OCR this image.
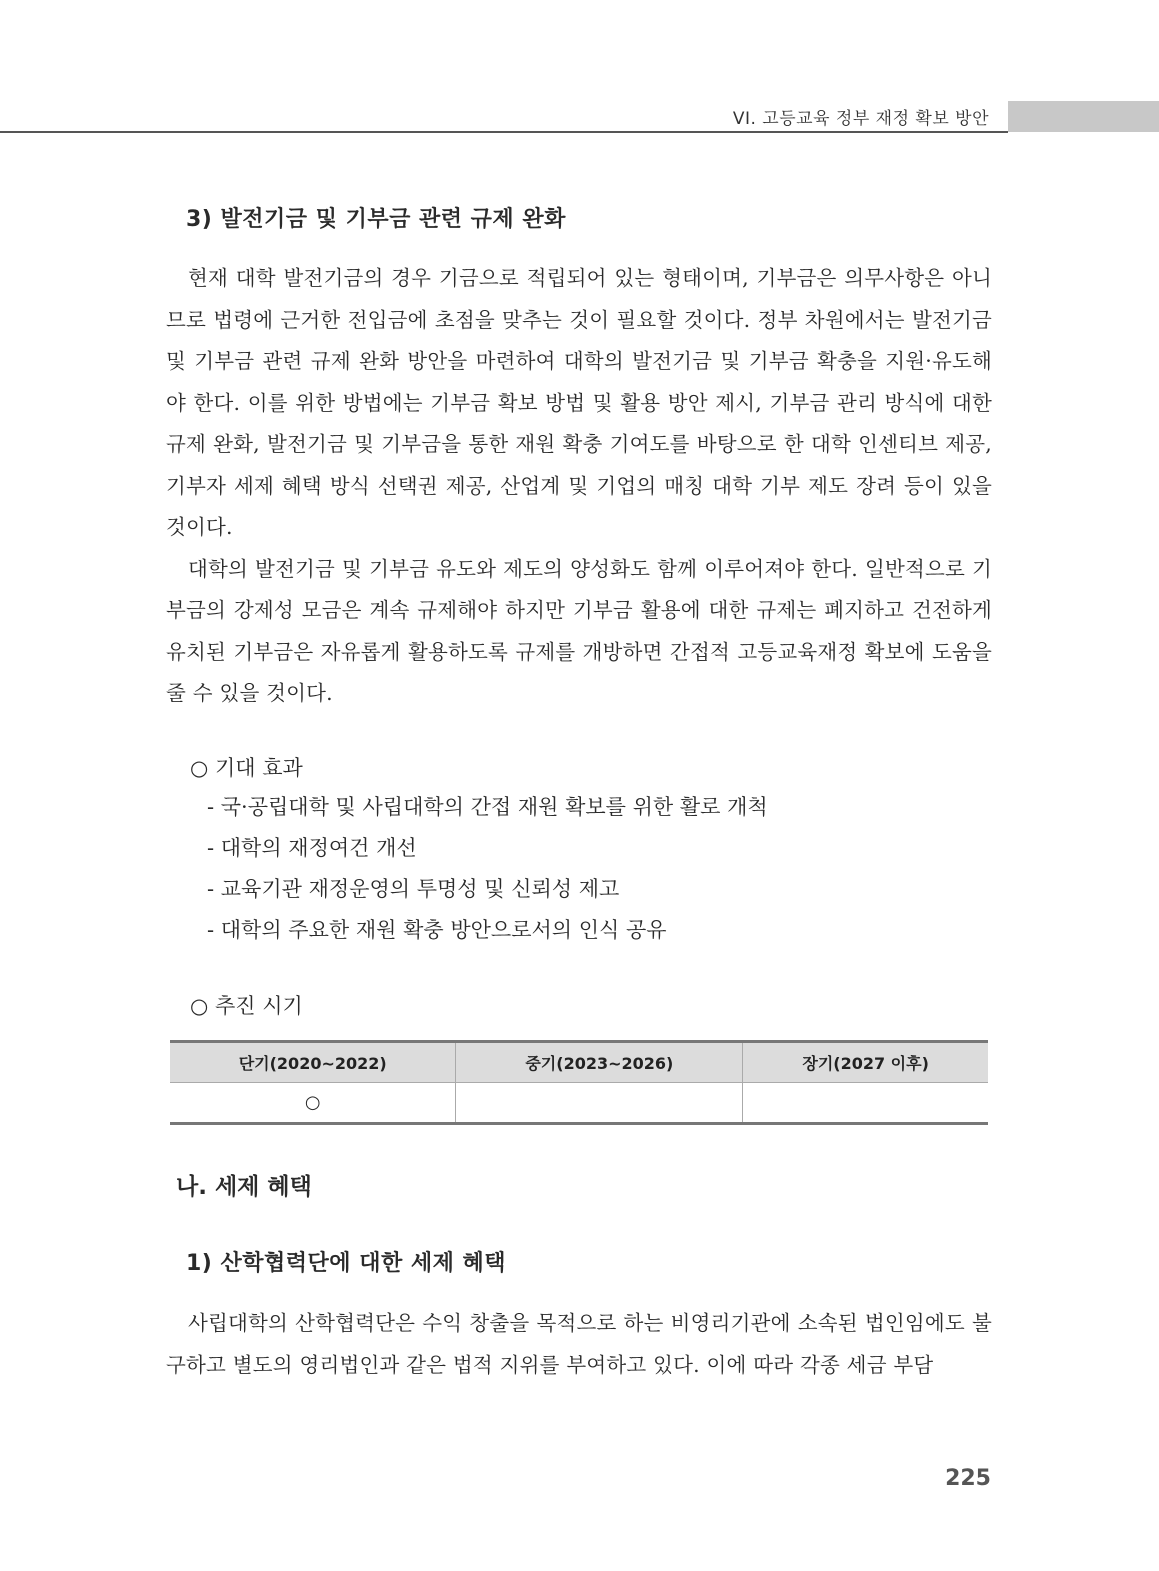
VI. 고등교육 정부 재정 확보 방안
3) 발전기금 및 기부금 관련 규제 완화

현재 대학 발전기금의 경우 기금으로 적립되어 있는 형태이며, 기부금은 의무사항은 아니므로 법령에 근거한 전입금에 초점을 맞추는 것이 필요할 것이다. 정부 차원에서는 발전기금 및 기부금 관련 규제 완화 방안을 마련하여 대학의 발전기금 및 기부금 확충을 지원·유도해야 한다. 이를 위한 방법에는 기부금 확보 방법 및 활용 방안 제시, 기부금 관리 방식에 대한 규제 완화, 발전기금 및 기부금을 통한 재원 확충 기여도를 바탕으로 한 대학 인센티브 제공, 기부자 세제 혜택 방식 선택권 제공, 산업계 및 기업의 매칭 대학 기부 제도 장려 등이 있을 것이다.

대학의 발전기금 및 기부금 유도와 제도의 양성화도 함께 이루어져야 한다. 일반적으로 기부금의 강제성 모금은 계속 규제해야 하지만 기부금 활용에 대한 규제는 폐지하고 건전하게 유치된 기부금은 자유롭게 활용하도록 규제를 개방하면 간접적 고등교육재정 확보에 도움을 줄 수 있을 것이다.

○ 기대 효과
- 국·공립대학 및 사립대학의 간접 재원 확보를 위한 활로 개척
- 대학의 재정여건 개선
- 교육기관 재정운영의 투명성 및 신뢰성 제고
- 대학의 주요한 재원 확충 방안으로서의 인식 공유
○ 추진 시기
단기(2020~2022)	중기(2023~2026)	장기(2027 이후)
○		
나. 세제 혜택
1) 산학협력단에 대한 세제 혜택

사립대학의 산학협력단은 수익 창출을 목적으로 하는 비영리기관에 소속된 법인임에도 불구하고 별도의 영리법인과 같은 법적 지위를 부여하고 있다. 이에 따라 각종 세금 부담

225
